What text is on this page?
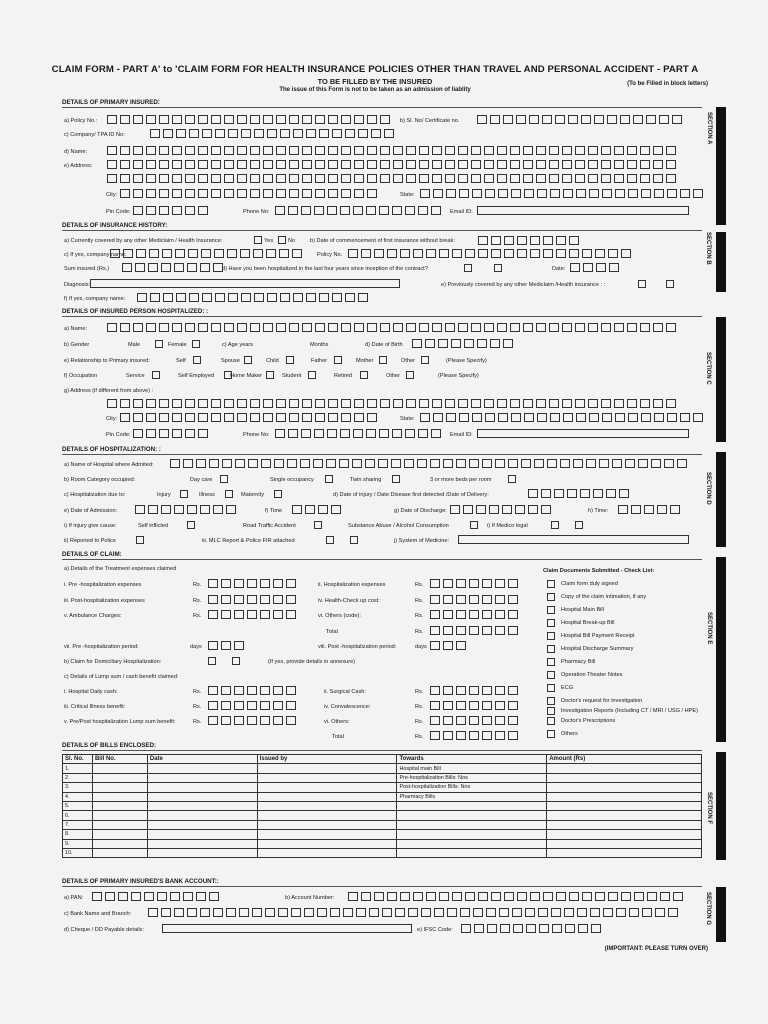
CLAIM FORM - PART A' to 'CLAIM FORM FOR HEALTH INSURANCE POLICIES OTHER THAN TRAVEL AND PERSONAL ACCIDENT - PART A
TO BE FILLED BY THE INSURED
The issue of this Form is not to be taken as an admission of liablity
(To be Filled in block letters)
DETAILS OF PRIMARY INSURED:
a) Policy No.:	b) Sl. No/ Certificate no.
c) Company/ TPA ID No:
d) Name:
e) Address:
City:	State:
Pin Code:	Phone No:	Email ID:
DETAILS OF INSURANCE HISTORY:
a) Currently covered by any other Mediclaim / Health Insurance:	Yes	No	b) Date of commencement of first insurance without break:
c) If yes, company name:	Policy No.
Sum insured (Rs.)	d) Have you been hospitalized in the last four years since inception of the contract?	Date:
Diagnosis:	e) Previously covered by any other Mediclaim /Health insurance : :
f) If yes, company name:
DETAILS OF INSURED PERSON HOSPITALIZED: :
a) Name:
b) Gender	Male	Female	c) Age years	Months	d) Date of Birth
e) Relationship to Primary insured:	Self	Spouse	Child	Father	Mother	Other	(Please Specify)
f) Occupation	Service	Self Employed	Home Maker	Student	Retired	Other	(Please Specify)
g) Address (if different from above) :
City:	State:
Pin Code:	Phone No:	Email ID:
DETAILS OF HOSPITALIZATION: :
a) Name of Hospital where Admited:
b) Room Category occupied:	Day care	Single occupancy	Twin sharing	3 or more beds per room
c) Hospitalization due to:	Injury	Illness	Maternity	d) Date of injury / Date Disease first detected /Date of Delivery:
e) Date of Admission:	f) Time	g) Date of Discharge:	h) Time:
i) If injury give cause:	Self inflicted	Road Traffic Accident	Substance Abuse / Alcohol Consumption	i) If Medico legal
ii) Reported to Police	iii. MLC Report & Police FIR attached	j) System of Medicine:
DETAILS OF CLAIM:
a) Details of the Treatment expenses claimed
i. Pre -hospitalization expenses	Rs.	ii. Hospitalization expenses	Rs.
iii. Post-hospitalization expenses	Rs.	iv. Health-Check up cost:	Rs.
v. Ambulance Charges:	Rs.	vi. Others (code):	Rs.
Total	Rs.
vii. Pre -hospitalization period:	days	viii. Post -hospitalization period:	days
b) Claim for Domiciliary Hospitalization:	(If yes, provide details in annexure)
c) Details of Lump sum / cash benefit claimed:
i. Hospital Daily cash:	Rs.	ii. Surgical Cash:	Rs.
iii. Critical Illness benefit:	Rs.	iv. Convalescence:	Rs.
v. Pre/Post hospitalization Lump sum benefit:	Rs.	vi. Others:	Rs.
Total	Rs.
Claim Documents Submitted - Check List:
Claim form duly signed
Copy of the claim intimation, if any
Hospital Main Bill
Hospital Break-up Bill
Hospital Bill Payment Receipt
Hospital Discharge Summary
Pharmacy Bill
Operation Theater Notes
ECG
Doctor's request for investigation
Investigation Reports (Including CT / MRI / USG / HPE)
Doctor's Prescriptions
Others
DETAILS OF BILLS ENCLOSED:
Sl. No.	Bill No.	Date	Issued by	Towards	Amount (Rs)
1.				Hospital main Bill	
2.				Pre-hospitalization Bills: Nos	
3.				Post-hospitalization Bills: Nos	
4.				Pharmacy Bills	
5.					
6.					
7.					
8.					
9.					
10.					
DETAILS OF PRIMARY INSURED'S BANK ACCOUNT::
a) PAN:	b) Account Number:
c) Bank Name and Branch:
d) Cheque / DD Payable details:	e) IFSC Code:
(IMPORTANT: PLEASE TURN OVER)
SECTION A
SECTION B
SECTION C
SECTION D
SECTION E
SECTION F
SECTION G
